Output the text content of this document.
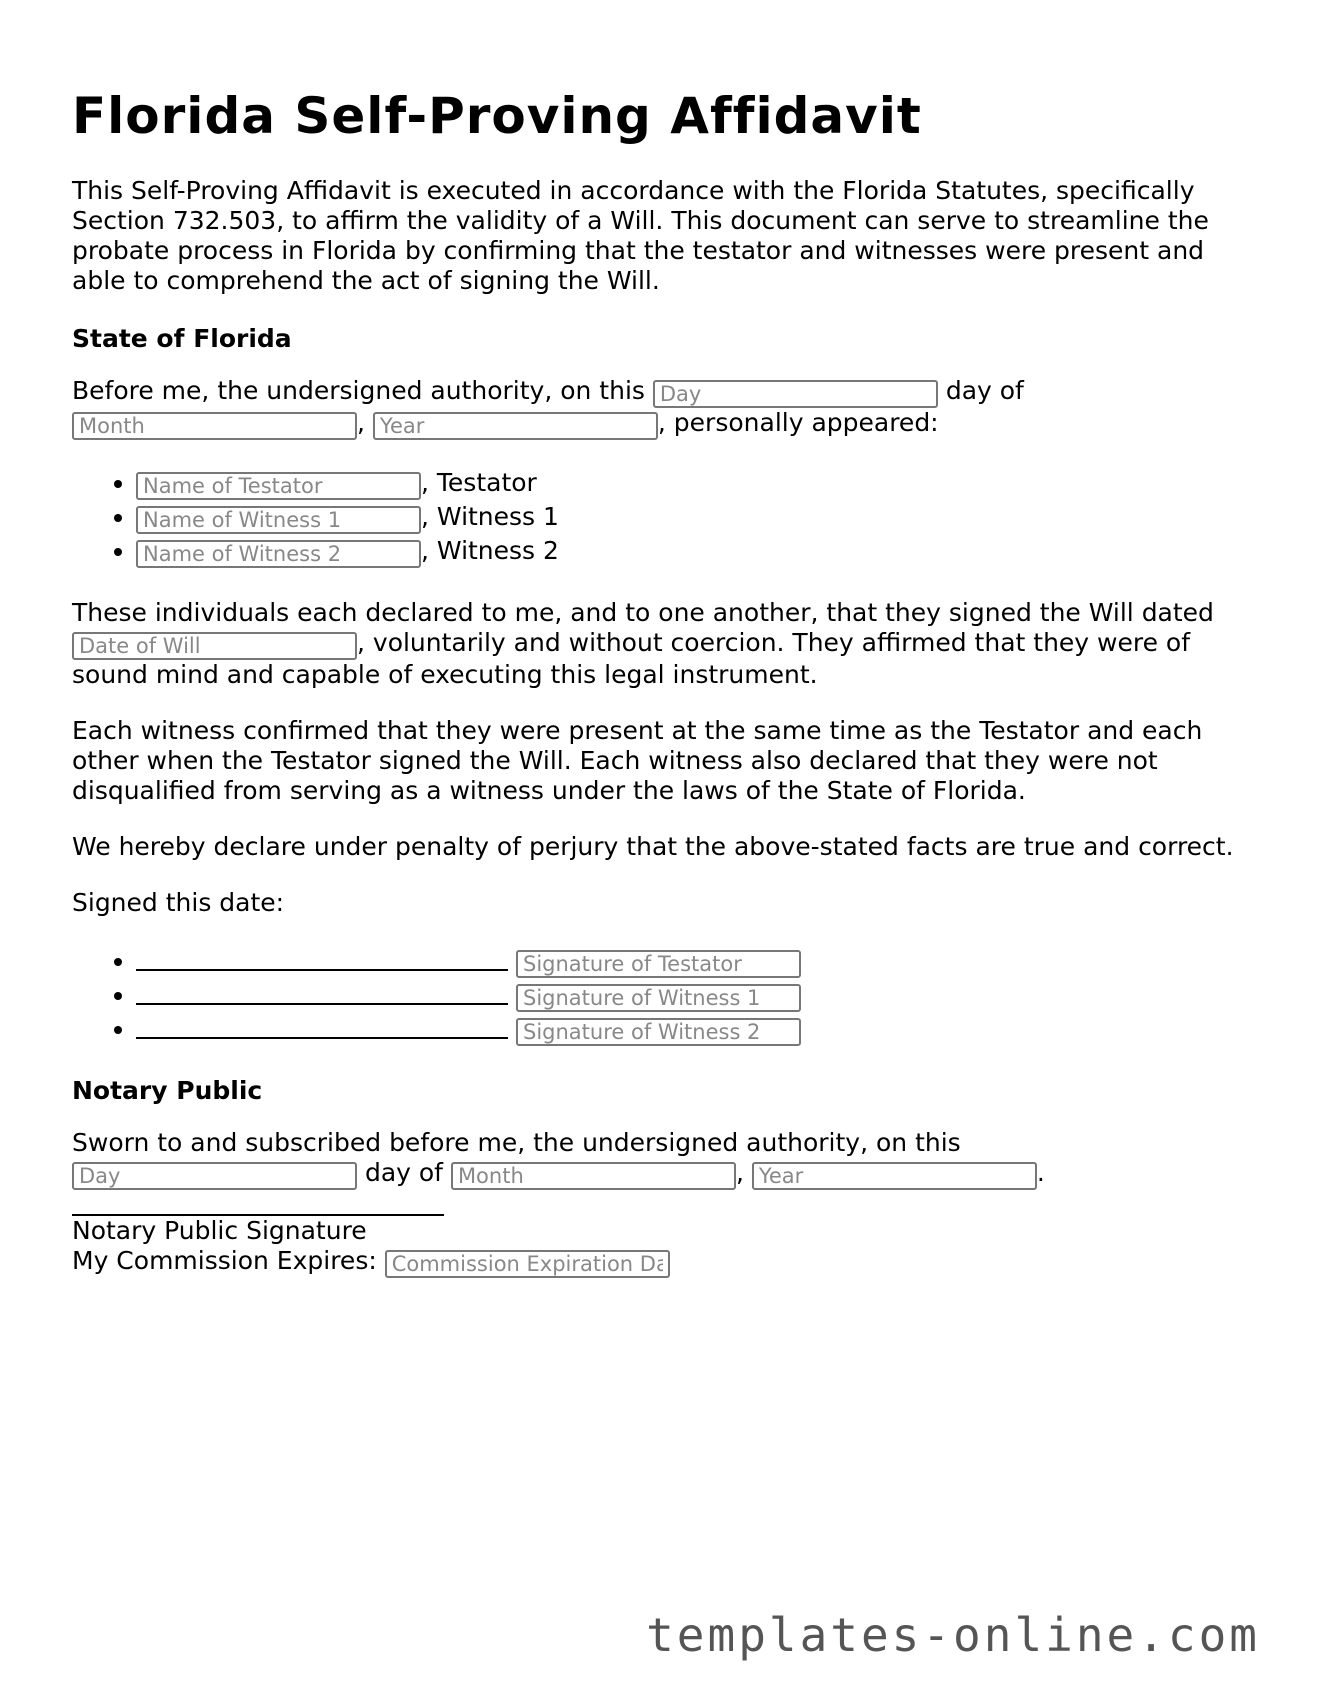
Florida Self-Proving Affidavit

This Self-Proving Affidavit is executed in accordance with the Florida Statutes, specifically Section 732.503, to affirm the validity of a Will. This document can serve to streamline the probate process in Florida by confirming that the testator and witnesses were present and able to comprehend the act of signing the Will.

State of Florida

Before me, the undersigned authority, on this Day	day of
Month, Year	, personally appeared:

Name of Testator • , Testator
Name of Witness 1 • , Witness 1
Name of Witness 2 • , Witness 2

These individuals each declared to me, and to one another, that they signed the Will dated
Date of Will, voluntarily and without coercion. They affirmed that they were of sound mind and capable of executing this legal instrument.

Each witness confirmed that they were present at the same time as the Testator and each other when the Testator signed the Will. Each witness also declared that they were not disqualified from serving as a witness under the laws of the State of Florida.

We hereby declare under penalty of perjury that the above-stated facts are true and correct.

Signed this date:

• Signature of Testator
• Signature of Witness 1
• Signature of Witness 2
Notary Public

Sworn to and subscribed before me, the undersigned authority, on this
Day day of Month	, Year	.

Notary Public Signature
My Commission Expires: Commission Expiration Date
templates-online.com
